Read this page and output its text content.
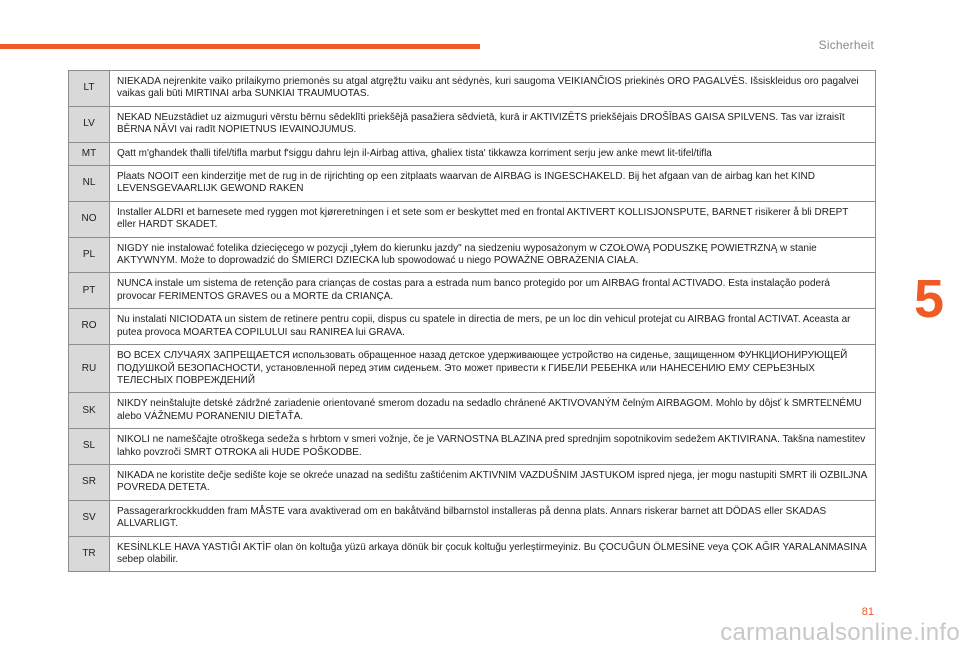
Sicherheit
5
LT	NIEKADA nejrenkite vaiko prilaikymo priemonės su atgal atgręžtu vaiku ant sėdynės, kuri saugoma VEIKIANČIOS priekinės ORO PAGALVĖS. Išsiskleidus oro pagalvei vaikas gali būti MIRTINAI arba SUNKIAI TRAUMUOTAS.
LV	NEKAD NEuzstādiet uz aizmuguri vērstu bērnu sēdeklīti priekšējā pasažiera sēdvietā, kurā ir AKTIVIZĒTS priekšējais DROŠĪBAS GAISA SPILVENS. Tas var izraisīt BĒRNA NĀVI vai radīt NOPIETNUS IEVAINOJUMUS.
MT	Qatt m'għandek tħalli tifel/tifla marbut f'siggu dahru lejn il-Airbag attiva, għaliex tista' tikkawza korriment serju jew anke mewt lit-tifel/tifla
NL	Plaats NOOIT een kinderzitje met de rug in de rijrichting op een zitplaats waarvan de AIRBAG is INGESCHAKELD. Bij het afgaan van de airbag kan het KIND LEVENSGEVAARLIJK GEWOND RAKEN
NO	Installer ALDRI et barnesete med ryggen mot kjøreretningen i et sete som er beskyttet med en frontal AKTIVERT KOLLISJONSPUTE, BARNET risikerer å bli DREPT eller HARDT SKADET.
PL	NIGDY nie instalować fotelika dziecięcego w pozycji „tyłem do kierunku jazdy" na siedzeniu wyposażonym w CZOŁOWĄ PODUSZKĘ POWIETRZNĄ w stanie AKTYWNYM. Może to doprowadzić do ŚMIERCI DZIECKA lub spowodować u niego POWAŻNE OBRAŻENIA CIAŁA.
PT	NUNCA instale um sistema de retenção para crianças de costas para a estrada num banco protegido por um AIRBAG frontal ACTIVADO. Esta instalação poderá provocar FERIMENTOS GRAVES ou a MORTE da CRIANÇA.
RO	Nu instalati NICIODATA un sistem de retinere pentru copii, dispus cu spatele in directia de mers, pe un loc din vehicul protejat cu AIRBAG frontal ACTIVAT. Aceasta ar putea provoca MOARTEA COPILULUI sau RANIREA lui GRAVA.
RU	ВО ВСЕХ СЛУЧАЯХ ЗАПРЕЩАЕТСЯ использовать обращенное назад детское удерживающее устройство на сиденье, защищенном ФУНКЦИОНИРУЮЩЕЙ ПОДУШКОЙ БЕЗОПАСНОСТИ, установленной перед этим сиденьем. Это может привести к ГИБЕЛИ РЕБЕНКА или НАНЕСЕНИЮ ЕМУ СЕРЬЕЗНЫХ ТЕЛЕСНЫХ ПОВРЕЖДЕНИЙ
SK	NIKDY neinštalujte detské zádržné zariadenie orientované smerom dozadu na sedadlo chránené AKTIVOVANÝM čelným AIRBAGOM. Mohlo by dôjsť k SMRTEĽNÉMU alebo VÁŽNEMU PORANENIU DIEŤAŤA.
SL	NIKOLI ne nameščajte otroškega sedeža s hrbtom v smeri vožnje, če je VARNOSTNA BLAZINA pred sprednjim sopotnikovim sedežem AKTIVIRANA. Takšna namestitev lahko povzroči SMRT OTROKA ali HUDE POŠKODBE.
SR	NIKADA ne koristite dečje sedište koje se okreće unazad na sedištu zaštićenim AKTIVNIM VAZDUŠNIM JASTUKOM ispred njega, jer mogu nastupiti SMRT ili OZBILJNA POVREDA DETETA.
SV	Passagerarkrockkudden fram MÅSTE vara avaktiverad om en bakåtvänd bilbarnstol installeras på denna plats. Annars riskerar barnet att DÖDAS eller SKADAS ALLVARLIGT.
TR	KESİNLKLE HAVA YASTIĞI AKTİF olan ön koltuğa yüzü arkaya dönük bir çocuk koltuğu yerleştirmeyiniz. Bu ÇOCUĞUN ÖLMESİNE veya ÇOK AĞIR YARALANMASINA sebep olabilir.
81
carmanualsonline.info
